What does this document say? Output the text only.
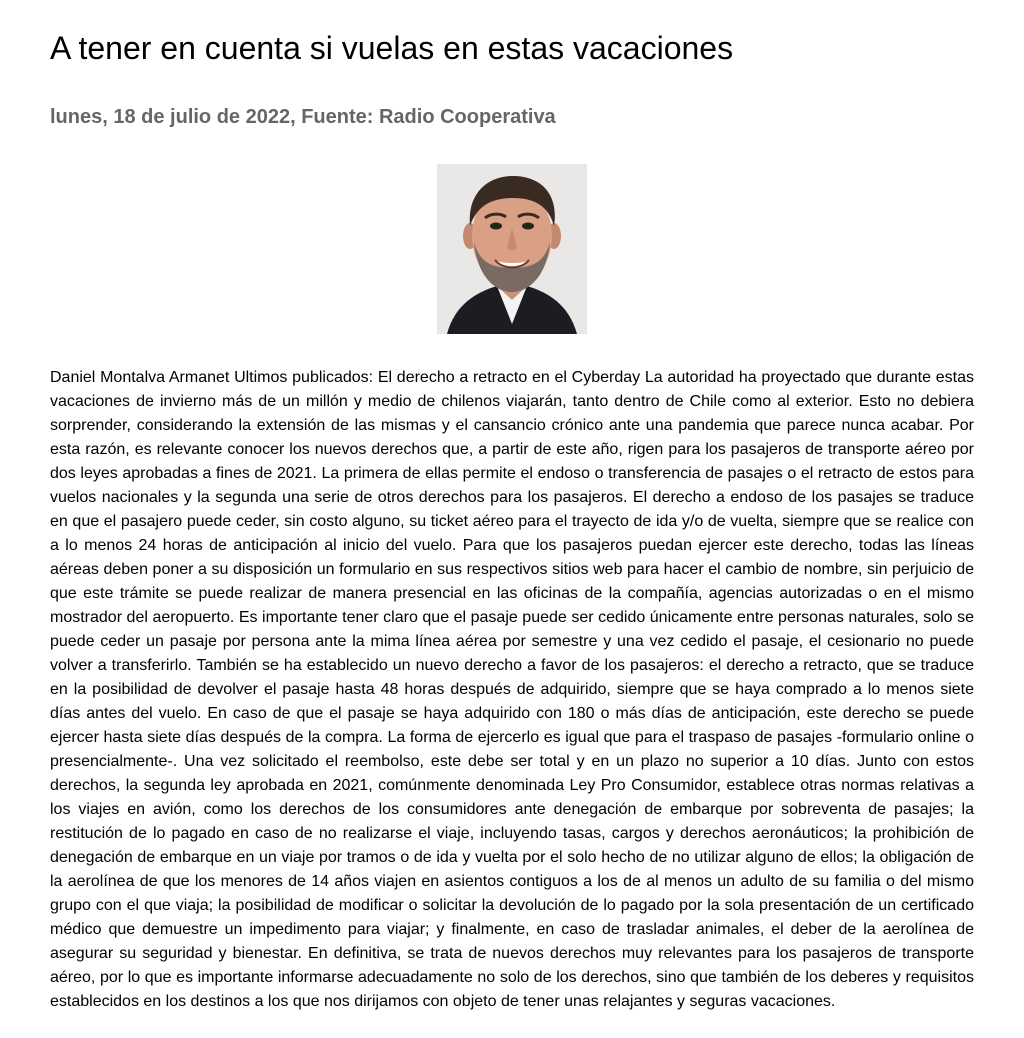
A tener en cuenta si vuelas en estas vacaciones
lunes, 18 de julio de 2022, Fuente: Radio Cooperativa

Daniel Montalva Armanet Ultimos publicados: El derecho a retracto en el Cyberday La autoridad ha proyectado que durante estas vacaciones de invierno más de un millón y medio de chilenos viajarán, tanto dentro de Chile como al exterior. Esto no debiera sorprender, considerando la extensión de las mismas y el cansancio crónico ante una pandemia que parece nunca acabar. Por esta razón, es relevante conocer los nuevos derechos que, a partir de este año, rigen para los pasajeros de transporte aéreo por dos leyes aprobadas a fines de 2021. La primera de ellas permite el endoso o transferencia de pasajes o el retracto de estos para vuelos nacionales y la segunda una serie de otros derechos para los pasajeros. El derecho a endoso de los pasajes se traduce en que el pasajero puede ceder, sin costo alguno, su ticket aéreo para el trayecto de ida y/o de vuelta, siempre que se realice con a lo menos 24 horas de anticipación al inicio del vuelo. Para que los pasajeros puedan ejercer este derecho, todas las líneas aéreas deben poner a su disposición un formulario en sus respectivos sitios web para hacer el cambio de nombre, sin perjuicio de que este trámite se puede realizar de manera presencial en las oficinas de la compañía, agencias autorizadas o en el mismo mostrador del aeropuerto. Es importante tener claro que el pasaje puede ser cedido únicamente entre personas naturales, solo se puede ceder un pasaje por persona ante la mima línea aérea por semestre y una vez cedido el pasaje, el cesionario no puede volver a transferirlo. También se ha establecido un nuevo derecho a favor de los pasajeros: el derecho a retracto, que se traduce en la posibilidad de devolver el pasaje hasta 48 horas después de adquirido, siempre que se haya comprado a lo menos siete días antes del vuelo. En caso de que el pasaje se haya adquirido con 180 o más días de anticipación, este derecho se puede ejercer hasta siete días después de la compra. La forma de ejercerlo es igual que para el traspaso de pasajes -formulario online o presencialmente-. Una vez solicitado el reembolso, este debe ser total y en un plazo no superior a 10 días. Junto con estos derechos, la segunda ley aprobada en 2021, comúnmente denominada Ley Pro Consumidor, establece otras normas relativas a los viajes en avión, como los derechos de los consumidores ante denegación de embarque por sobreventa de pasajes; la restitución de lo pagado en caso de no realizarse el viaje, incluyendo tasas, cargos y derechos aeronáuticos; la prohibición de denegación de embarque en un viaje por tramos o de ida y vuelta por el solo hecho de no utilizar alguno de ellos; la obligación de la aerolínea de que los menores de 14 años viajen en asientos contiguos a los de al menos un adulto de su familia o del mismo grupo con el que viaja; la posibilidad de modificar o solicitar la devolución de lo pagado por la sola presentación de un certificado médico que demuestre un impedimento para viajar; y finalmente, en caso de trasladar animales, el deber de la aerolínea de asegurar su seguridad y bienestar. En definitiva, se trata de nuevos derechos muy relevantes para los pasajeros de transporte aéreo, por lo que es importante informarse adecuadamente no solo de los derechos, sino que también de los deberes y requisitos establecidos en los destinos a los que nos dirijamos con objeto de tener unas relajantes y seguras vacaciones.
